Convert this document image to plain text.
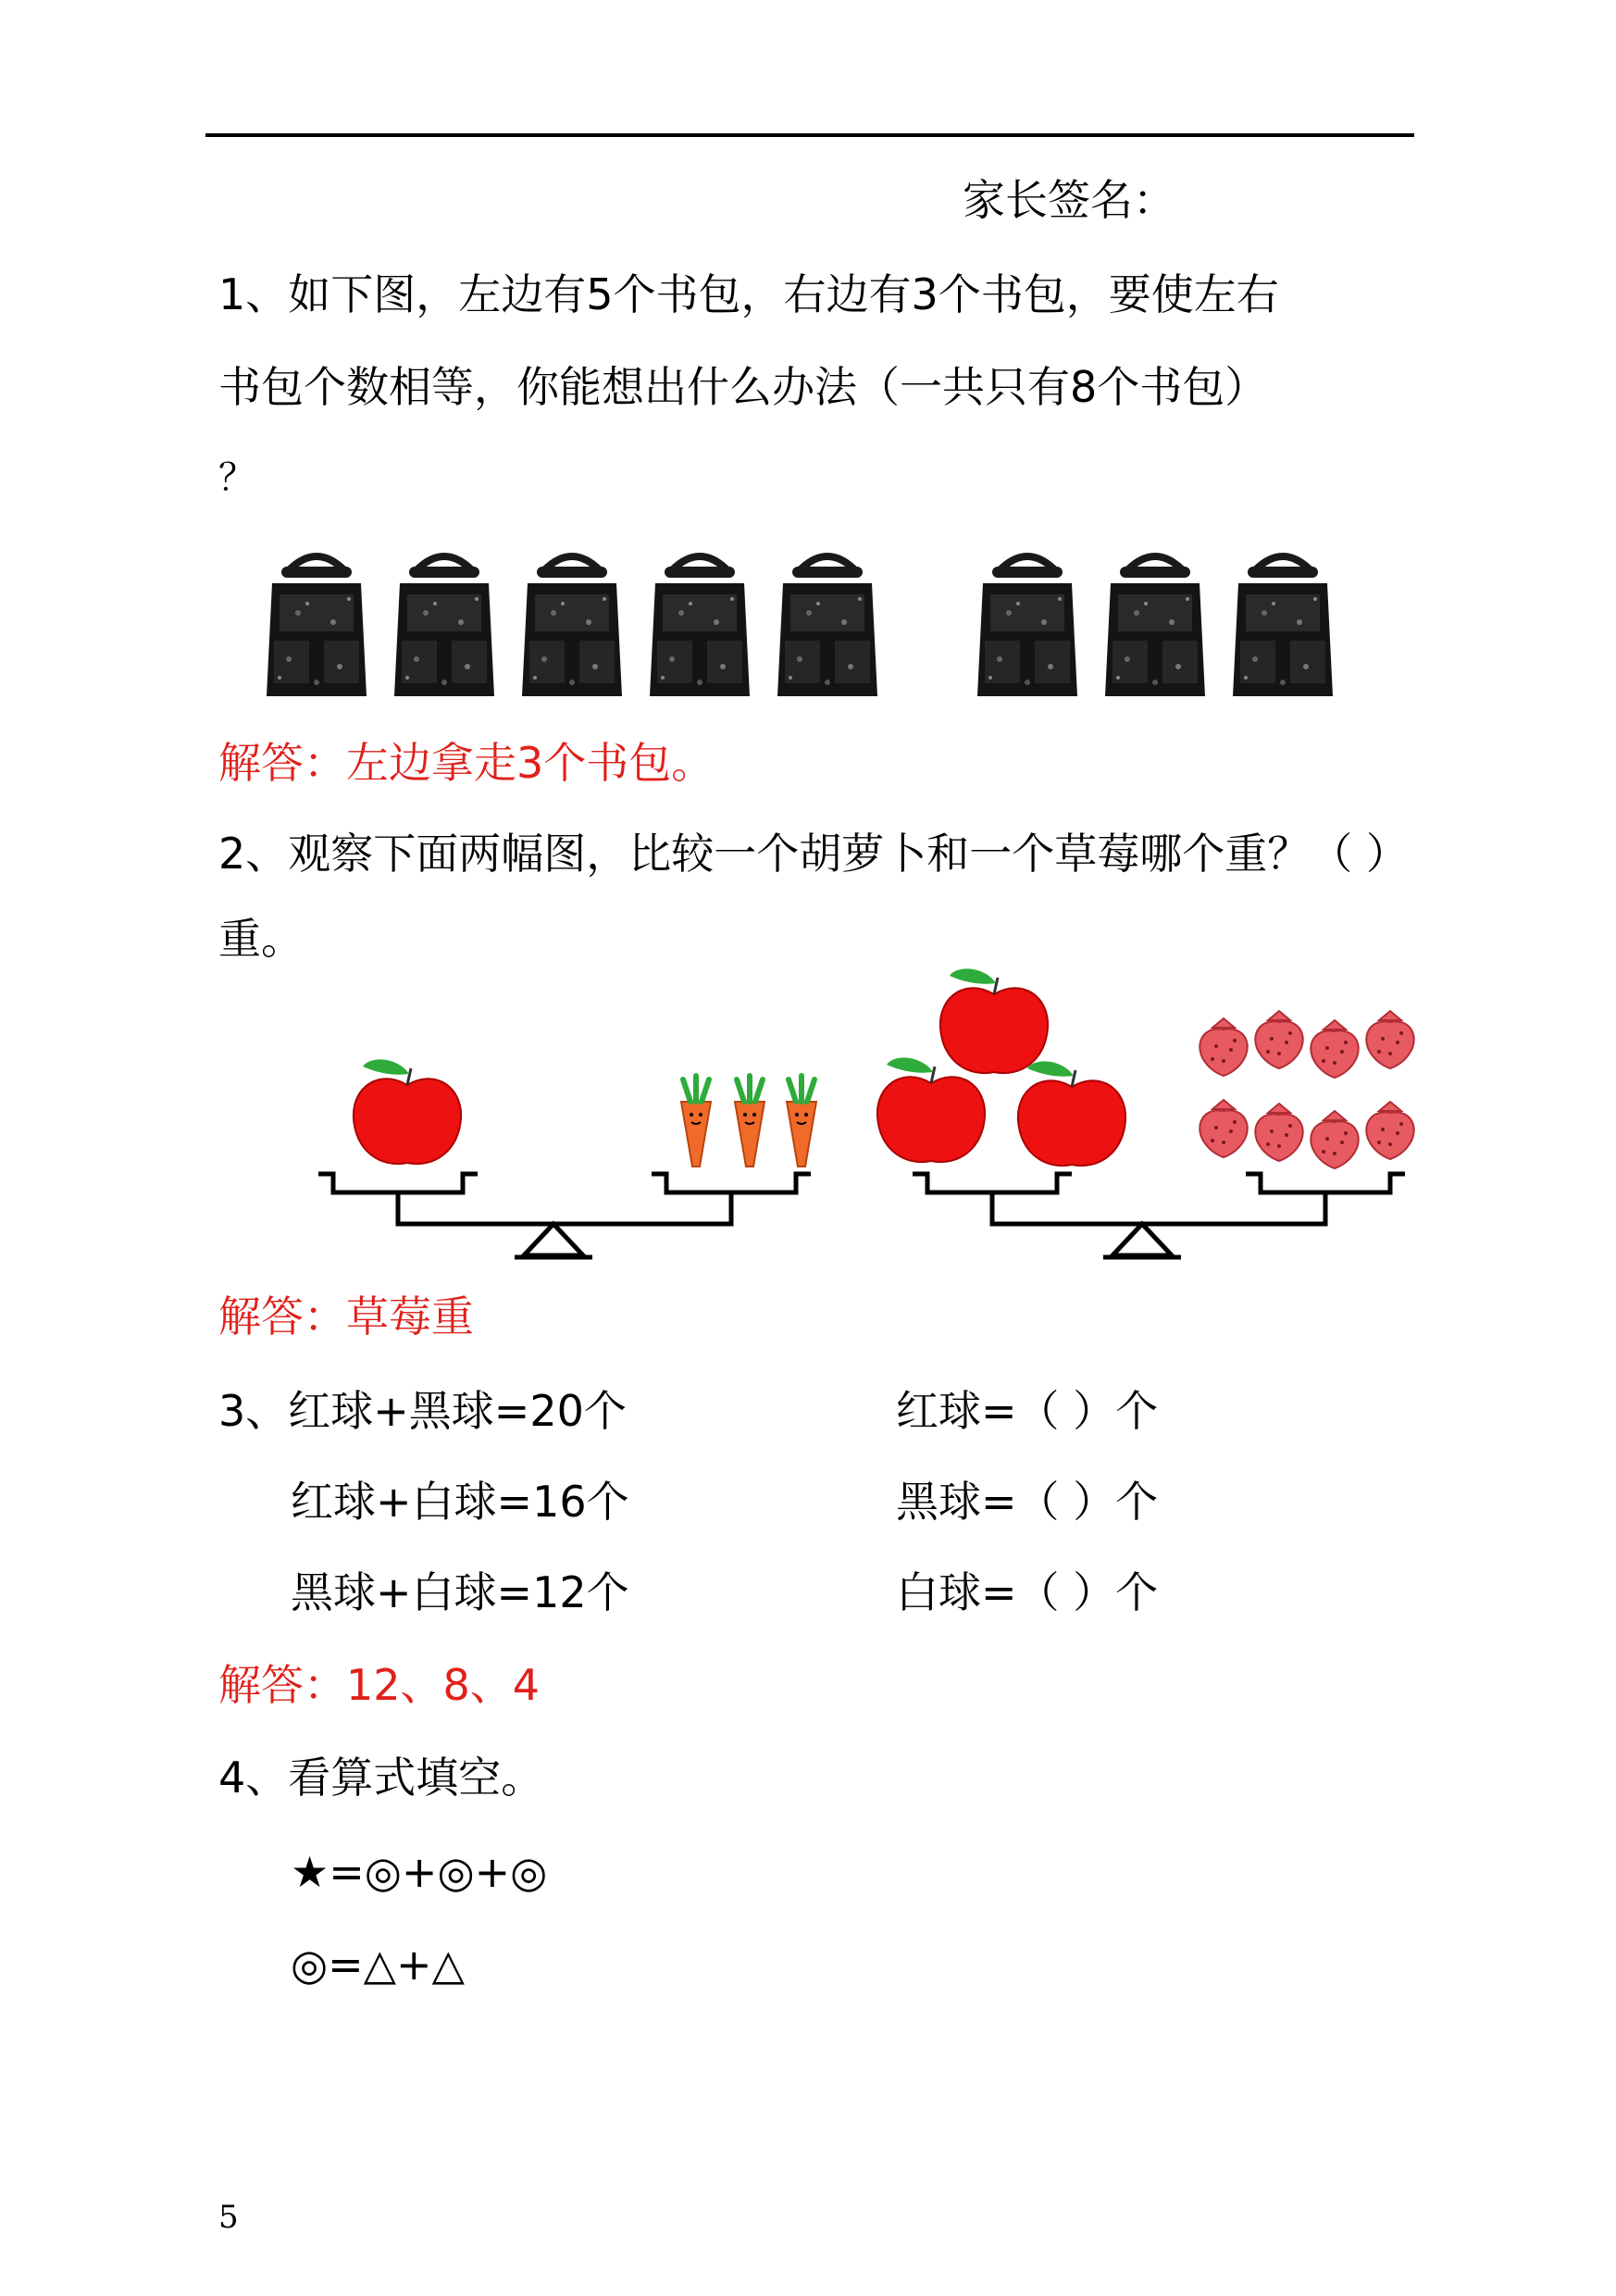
家长签名：
1、如下图，左边有5个书包，右边有3个书包，要使左右
书包个数相等，你能想出什么办法（一共只有8个书包）
？
解答：左边拿走3个书包。
2、观察下面两幅图，比较一个胡萝卜和一个草莓哪个重？（ ）
重。
解答：草莓重
3、红球+黑球=20个	红球=（ ）个
红球+白球=16个	黑球=（ ）个
黑球+白球=12个	白球=（ ）个
解答：12、8、4
4、看算式填空。
★=◎+◎+◎
◎=△+△
5
